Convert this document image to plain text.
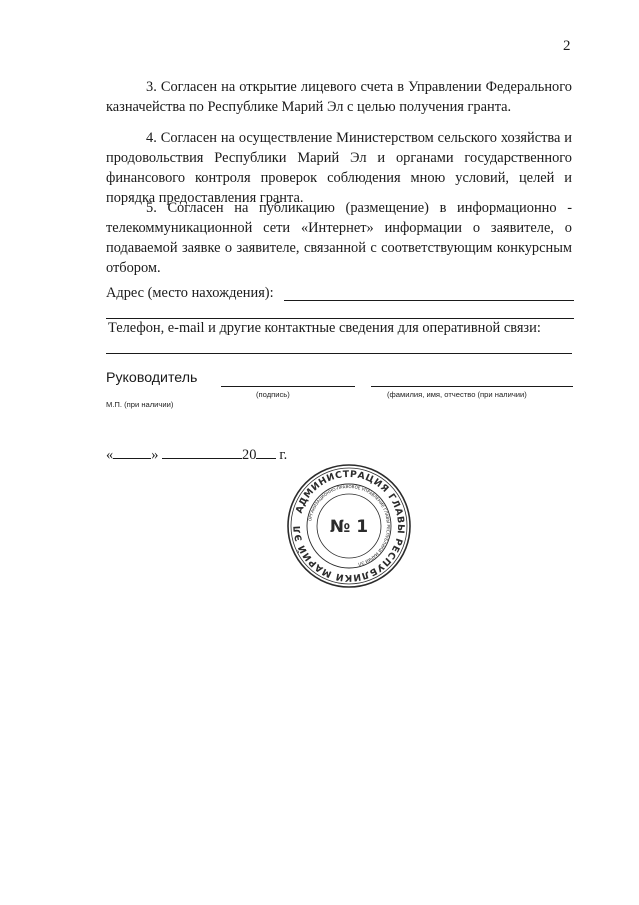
2
3. Согласен на открытие лицевого счета в Управлении Федерального казначейства по Республике Марий Эл с целью получения гранта.
4. Согласен на осуществление Министерством сельского хозяйства и продовольствия Республики Марий Эл и органами государственного финансового контроля проверок соблюдения мною условий, целей и порядка предоставления гранта.
5. Согласен на публикацию (размещение) в информационно - телекоммуникационной сети «Интернет» информации о заявителе, о подаваемой заявке о заявителе, связанной с соответствующим конкурсным отбором.
Адрес (место нахождения):
Телефон, e-mail и другие контактные сведения для оперативной связи:
Руководитель
(подпись)	(фамилия, имя, отчество (при наличии)
М.П. (при наличии)
«	»	20 г.
АДМИНИСТРАЦИЯ ГЛАВЫ РЕСПУБЛИКИ МАРИЙ ЭЛ
ОРГАНИЗАЦИОННО-ПРАВОВОЕ УПРАВЛЕНИЕ ГЛАВЫ РЕСПУБЛИКИ МАРИЙ ЭЛ
№ 1
